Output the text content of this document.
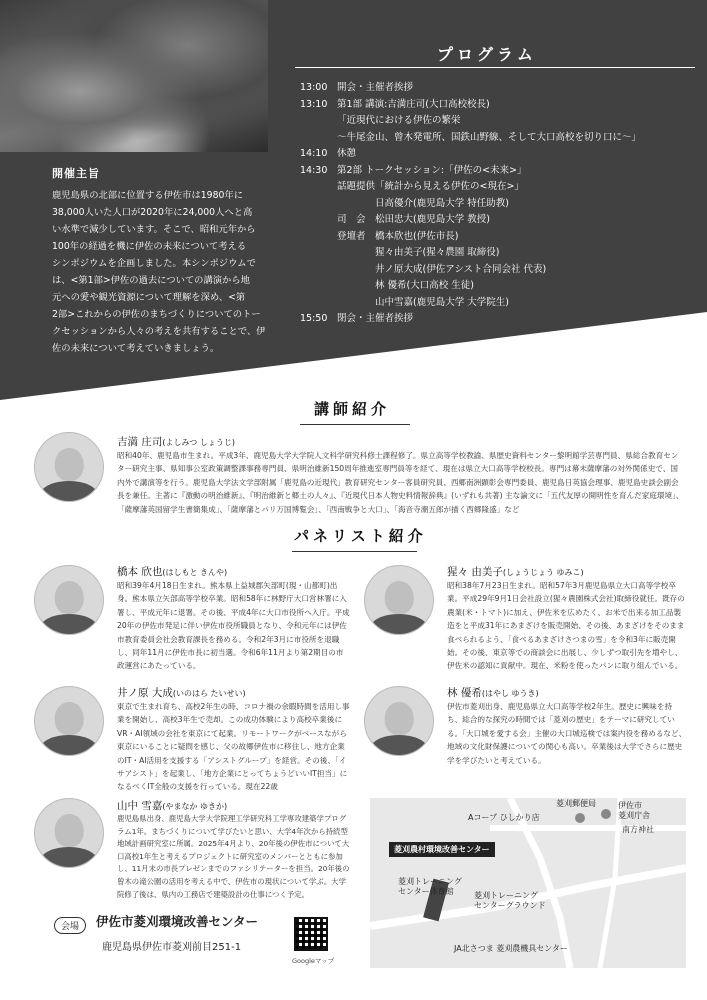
開催主旨

鹿児島県の北部に位置する伊佐市は1980年に
38,000人いた人口が2020年に24,000人へと高
い水準で減少しています。そこで、昭和元年から
100年の経過を機に伊佐の未来について考える
シンポジウムを企画しました。本シンポジウムで
は、<第1部>伊佐の過去についての講演から地
元への愛や観光資源について理解を深め、<第
2部>これからの伊佐のまちづくりについてのトー
クセッションから人々の考えを共有することで、伊
佐の未来について考えていきましょう。

プログラム
13:00	開会・主催者挨拶
13:10	第1部 講演:吉満庄司(大口高校校長)
「近現代における伊佐の繁栄
～牛尾金山、曾木発電所、国鉄山野線、そして大口高校を切り口に～」
14:10	休憩
14:30	第2部 トークセッション:「伊佐の<未来>」
話題提供「統計から見える伊佐の<現在>」
　　　　日高優介(鹿児島大学 特任助教)
司　会　松田忠大(鹿児島大学 教授)
登壇者　橋本欣也(伊佐市長)
　　　　猩々由美子(猩々農園 取締役)
　　　　井ノ原大成(伊佐アシスト合同会社 代表)
　　　　林 優希(大口高校 生徒)
　　　　山中雪嘉(鹿児島大学 大学院生)
15:50	閉会・主催者挨拶
講師紹介
吉満 庄司(よしみつ しょうじ)
昭和40年、鹿児島市生まれ。平成3年、鹿児島大学大学院人文科学研究科修士課程修了。県立高等学校教諭、県歴史資料センター黎明館学芸専門員、県総合教育センター研究主事、県知事公室政策調整課事務専門員、県明治維新150周年推進室専門員等を経て、現在は県立大口高等学校校長。専門は幕末薩摩藩の対外関係史で、国内外で講演等を行う。鹿児島大学法文学部附属「鹿児島の近現代」教育研究センター客員研究員、西郷南洲顕彰会専門委員、鹿児島日英協会理事、鹿児島史談会副会長を兼任。主著に『激動の明治維新』、『明治維新と郷土の人々』、『近現代日本人物史料情報辞典』(いずれも共著) 主な論文に「五代友厚の開明性を育んだ家庭環境」、「薩摩藩英国留学生書簡集成」、「薩摩藩とパリ万国博覧会」、「西南戦争と大口」、「海音寺潮五郎が描く西郷隆盛」など
パネリスト紹介
橋本 欣也(はしもと きんや)
昭和39年4月18日生まれ。熊本県上益城郡矢部町(現・山都町)出身。熊本県立矢部高等学校卒業。昭和58年に林野庁大口営林署に入署し、平成元年に退署。その後、平成4年に大口市役所へ入庁。平成20年の伊佐市発足に伴い伊佐市役所職員となり、令和元年には伊佐市教育委員会社会教育課長を務める。令和2年3月に市役所を退職し、同年11月に伊佐市長に初当選。令和6年11月より第2期目の市政運営にあたっている。
猩々 由美子(しょうじょう ゆみこ)
昭和38年7月23日生まれ。昭和57年3月鹿児島県立大口高等学校卒業。平成29年9月1日会社設立(猩々農園株式会社)取締役就任。既存の農業(米・トマト)に加え、伊佐米を広めたく、お米で出来る加工品製造をと平成31年にあまざけを販売開始、その後、あまざけをそのまま食べられるよう、「食べるあまざけさつまの雪」を令和3年に販売開始。その後、東京等での商談会に出展し、少しずつ取引先を増やし、伊佐米の認知に貢献中。現在、米粉を使ったパンに取り組んでいる。
井ノ原 大成(いのはら たいせい)
東京で生まれ育ち、高校2年生の時、コロナ禍の余暇時間を活用し事業を開始し、高校3年生で売却。この成功体験により高校卒業後にVR・AI領域の会社を東京にて起業。リモートワークがベースながら東京にいることに疑問を感じ、父の故郷伊佐市に移住し、地方企業のIT・AI活用を支援する「アシストグループ」を経営。その後、「イサアシスト」を起業し、「地方企業にとってちょうどいいIT担当」になるべくIT全般の支援を行っている。現在22歳
林 優希(はやし ゆうき)
伊佐市菱刈出身、鹿児島県立大口高等学校2年生。歴史に興味を持ち、総合的な探究の時間では「菱刈の歴史」をテーマに研究している。「大口城を愛する会」主催の大口城巡検では案内役を務めるなど、地域の文化財保護についての関心も高い。卒業後は大学でさらに歴史学を学びたいと考えている。
山中 雪嘉(やまなか ゆきか)
鹿児島県出身、鹿児島大学大学院理工学研究科工学専攻建築学プログラム1年。まちづくりについて学びたいと思い、大学4年次から持続型地域計画研究室に所属。2025年4月より、20年後の伊佐市について大口高校1年生と考えるプロジェクトに研究室のメンバーとともに参加し、11月末の市長プレゼンまでのファシリテーターを担当。20年後の曾木の滝公園の活用を考える中で、伊佐市の現状について学ぶ。大学院修了後は、県内の工務店で建築設計の仕事につく予定。
会場 伊佐市菱刈環境改善センター
鹿児島県伊佐市菱刈前目251-1
Googleマップ
菱刈農村環境改善センター
Aコープ ひしかり店
菱刈郵便局	伊佐市
菱刈庁舎
南方神社
菱刈トレーニング
センター体育館	菱刈トレーニング
センターグラウンド
JA北さつま 菱刈農機具センター
